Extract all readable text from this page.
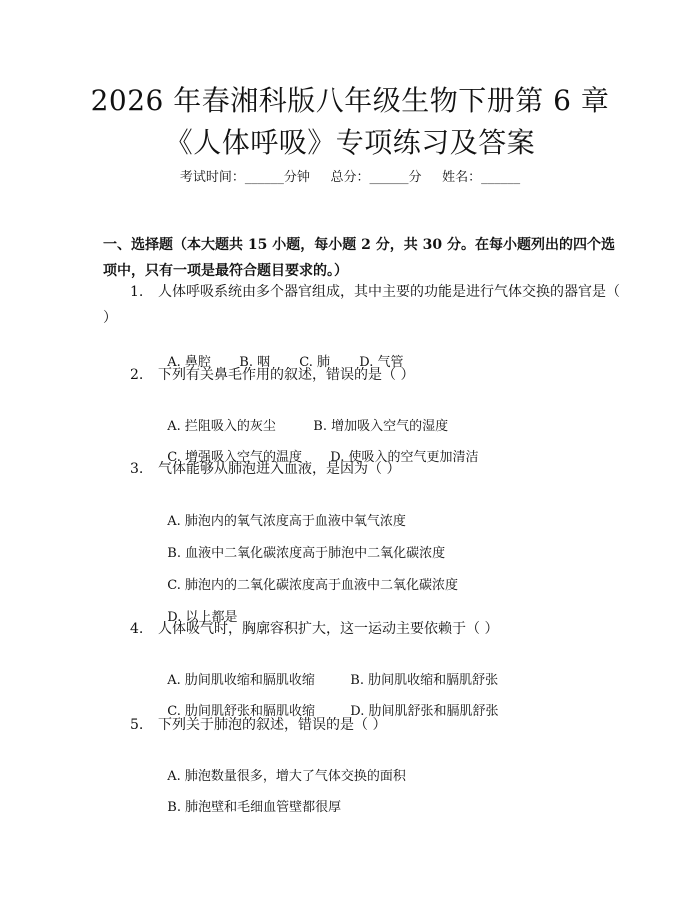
2026 年春湘科版八年级生物下册第 6 章《人体呼吸》专项练习及答案
考试时间：______分钟     总分：______分     姓名：______
一、选择题（本大题共 15 小题，每小题 2 分，共 30 分。在每小题列出的四个选项中，只有一项是最符合题目要求的。）
1. 人体呼吸系统由多个器官组成，其中主要的功能是进行气体交换的器官是（ ）

A. 鼻腔 B. 咽 C. 肺 D. 气管

2. 下列有关鼻毛作用的叙述，错误的是（ ）

A. 拦阻吸入的灰尘	B. 增加吸入空气的湿度

C. 增强吸入空气的温度 D. 使吸入的空气更加清洁

3. 气体能够从肺泡进入血液，是因为（ ）

A. 肺泡内的氧气浓度高于血液中氧气浓度

B. 血液中二氧化碳浓度高于肺泡中二氧化碳浓度

C. 肺泡内的二氧化碳浓度高于血液中二氧化碳浓度

D. 以上都是

4. 人体吸气时，胸廓容积扩大，这一运动主要依赖于（ ）

A. 肋间肌收缩和膈肌收缩	B. 肋间肌收缩和膈肌舒张

C. 肋间肌舒张和膈肌收缩	D. 肋间肌舒张和膈肌舒张

5. 下列关于肺泡的叙述，错误的是（ ）

A. 肺泡数量很多，增大了气体交换的面积

B. 肺泡壁和毛细血管壁都很厚
